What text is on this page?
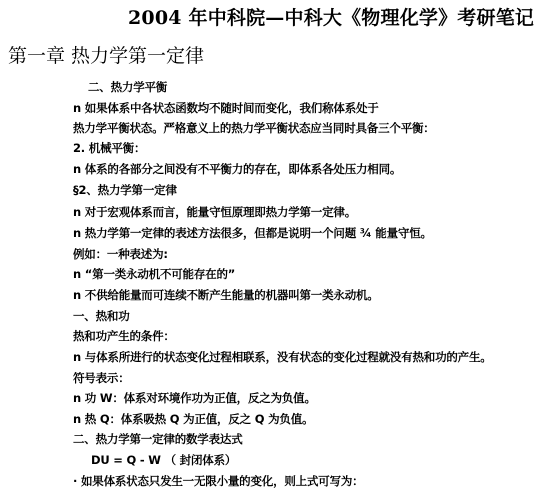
2004 年中科院—中科大《物理化学》考研笔记
第一章 热力学第一定律
二、热力学平衡
n 如果体系中各状态函数均不随时间而变化，我们称体系处于
热力学平衡状态。严格意义上的热力学平衡状态应当同时具备三个平衡：
2. 机械平衡：
n 体系的各部分之间没有不平衡力的存在，即体系各处压力相同。
§2、热力学第一定律
n 对于宏观体系而言，能量守恒原理即热力学第一定律。
n 热力学第一定律的表述方法很多，但都是说明一个问题 ¾ 能量守恒。
例如：一种表述为:
n “第一类永动机不可能存在的”
n 不供给能量而可连续不断产生能量的机器叫第一类永动机。
一、热和功
热和功产生的条件：
n 与体系所进行的状态变化过程相联系，没有状态的变化过程就没有热和功的产生。
符号表示：
n 功 W：体系对环境作功为正值，反之为负值。
n 热 Q：体系吸热 Q 为正值，反之 Q 为负值。
二、热力学第一定律的数学表达式
DU = Q - W （ 封闭体系）
· 如果体系状态只发生一无限小量的变化，则上式可写为：
